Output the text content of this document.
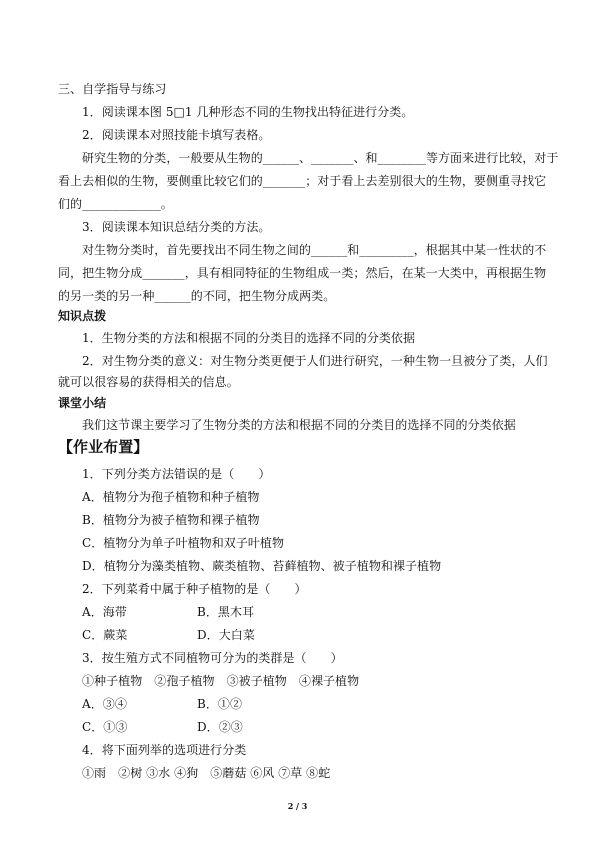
三、自学指导与练习
1．阅读课本图 5□1 几种形态不同的生物找出特征进行分类。
2．阅读课本对照技能卡填写表格。
研究生物的分类，一般要从生物的______、_______、和________等方面来进行比较，对于
看上去相似的生物，要侧重比较它们的_______；对于看上去差别很大的生物，要侧重寻找它
们的_____________。
3．阅读课本知识总结分类的方法。
对生物分类时，首先要找出不同生物之间的______和_________，根据其中某一性状的不
同，把生物分成_______，具有相同特征的生物组成一类；然后，在某一大类中，再根据生物
的另一类的另一种______的不同，把生物分成两类。
知识点拨
1．生物分类的方法和根据不同的分类目的选择不同的分类依据
2．对生物分类的意义：对生物分类更便于人们进行研究，一种生物一旦被分了类，人们
就可以很容易的获得相关的信息。
课堂小结
我们这节课主要学习了生物分类的方法和根据不同的分类目的选择不同的分类依据
【作业布置】
1．下列分类方法错误的是（　　）
A．植物分为孢子植物和种子植物
B．植物分为被子植物和裸子植物
C．植物分为单子叶植物和双子叶植物
D．植物分为藻类植物、蕨类植物、苔藓植物、被子植物和裸子植物
2．下列菜肴中属于种子植物的是（　　）
A．海带	B．黑木耳
C．蕨菜	D．大白菜
3．按生殖方式不同植物可分为的类群是（　　）
①种子植物　②孢子植物　③被子植物　④裸子植物
A．③④	B．①②
C．①③	D．②③
4．将下面列举的选项进行分类
①雨　②树 ③水 ④狗　⑤蘑菇 ⑥风 ⑦草 ⑧蛇
2 / 3
